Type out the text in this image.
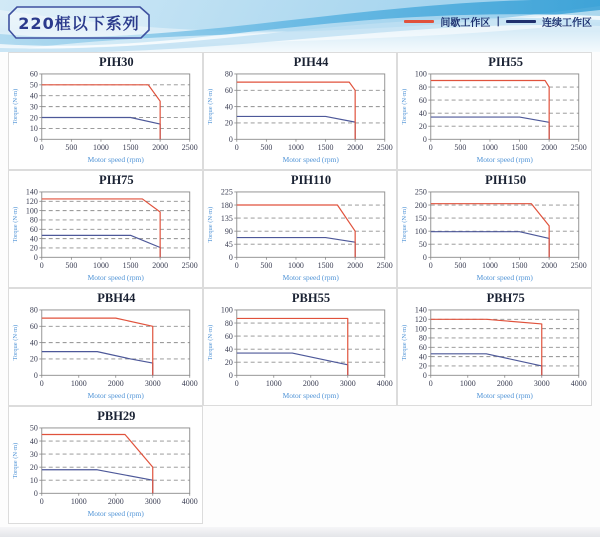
220框以下系列	间歇工作区 |	连续工作区
PIH30
0
10
20
30
40
50
60
0	500 1000 1500 2000 2500
Motor speed (rpm)
Torque (N·m)
PIH44
0
20
40
60
80
0	500 1000 1500 2000 2500
Motor speed (rpm)
Torque (N·m)
PIH55
0
20
40
60
80
100
0	500 1000 1500 2000 2500
Motor speed (rpm)
Torque (N·m)
PIH75
0
20
40
60
80
100
120
140
0	500 1000 1500 2000 2500
Motor speed (rpm)
Torque (N·m)
PIH110
0
45
90
135
180
225
0	500 1000 1500 2000 2500
Motor speed (rpm)
Torque (N·m)
PIH150
0
50
100
150
200
250
0	500 1000 1500 2000 2500
Motor speed (rpm)
Torque (N·m)
PBH44
0
20
40
60
80
0	1000	2000	3000	4000
Motor speed (rpm)
Torque (N·m)
PBH55
0
20
40
60
80
100
0	1000	2000	3000	4000
Motor speed (rpm)
Torque (N·m)
PBH75
0
20
40
60
80
100
120
140
0	1000	2000	3000	4000
Motor speed (rpm)
Torque (N·m)
PBH29
0
10
20
30
40
50
0	1000	2000	3000	4000
Motor speed (rpm)
Torque (N·m)
